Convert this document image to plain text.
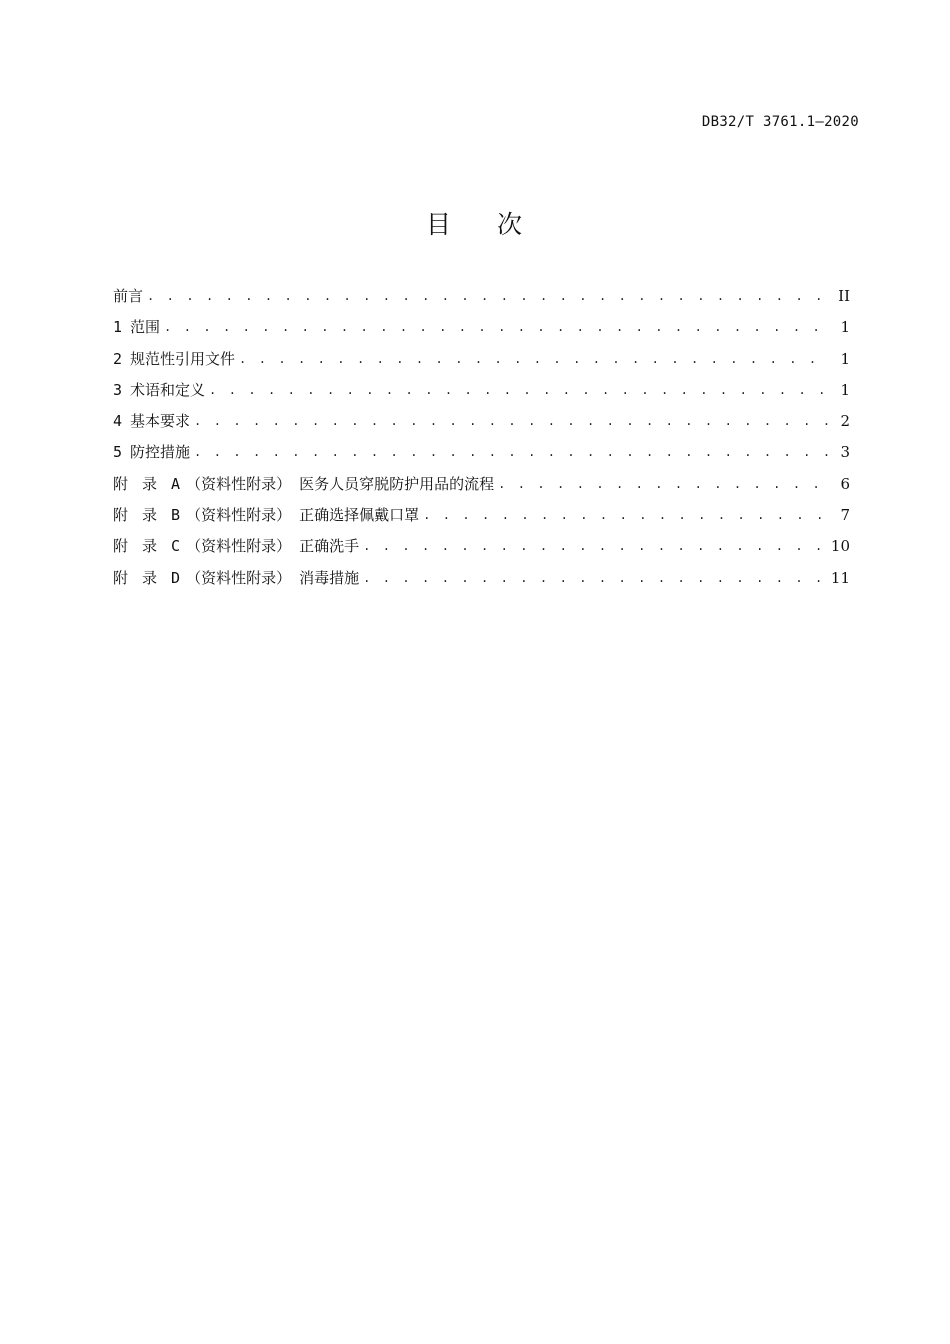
DB32/T 3761.1—2020
目 次
前言 . . .	II
1 范围 . . .	1
2 规范性引用文件 . . .	1
3 术语和定义 . . .	1
4 基本要求 . . .	2
5 防控措施 . . .	3
附 录 A （资料性附录） 医务人员穿脱防护用品的流程 . . .	6
附 录 B （资料性附录） 正确选择佩戴口罩 . . .	7
附 录 C （资料性附录） 正确洗手 . . .	10
附 录 D （资料性附录） 消毒措施 . . .	11
